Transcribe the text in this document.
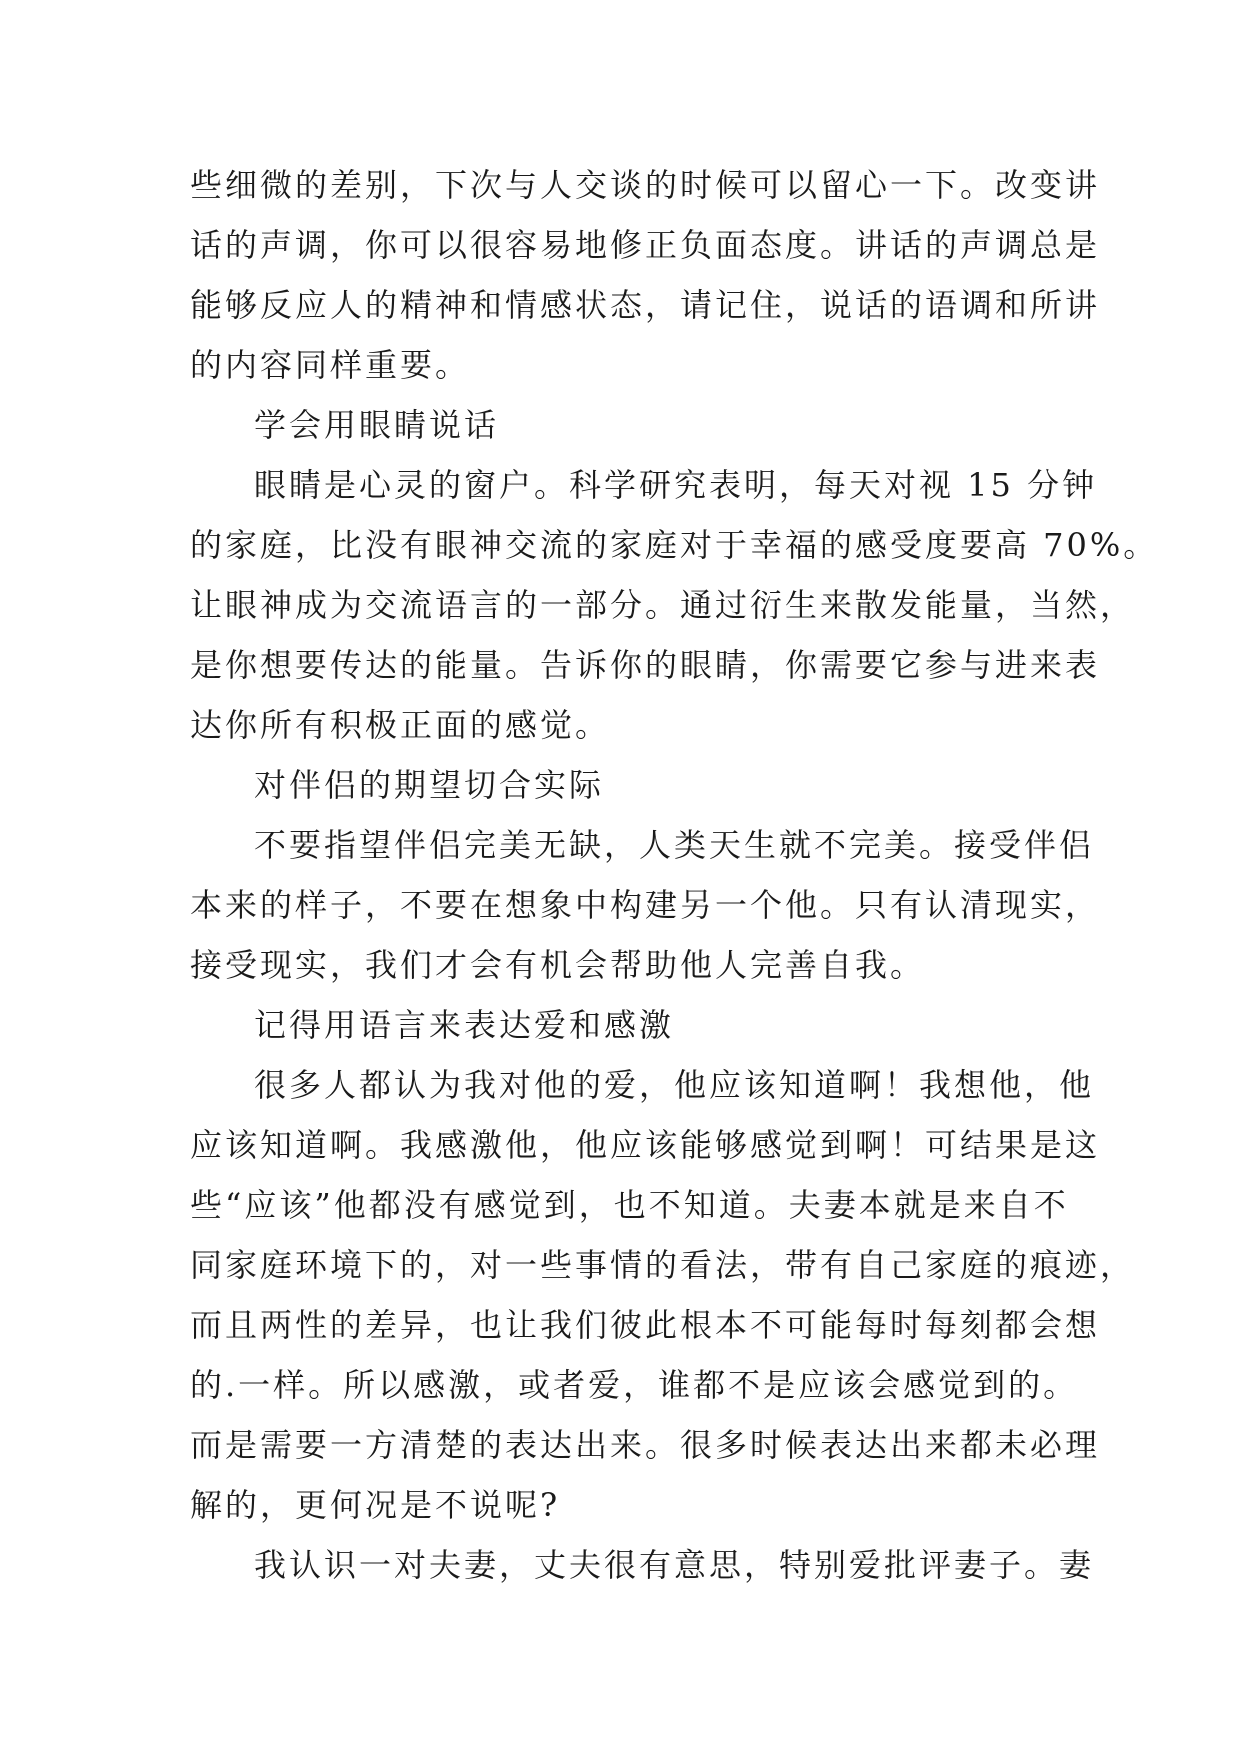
些细微的差别，下次与人交谈的时候可以留心一下。改变讲
话的声调，你可以很容易地修正负面态度。讲话的声调总是
能够反应人的精神和情感状态，请记住，说话的语调和所讲
的内容同样重要。
学会用眼睛说话
眼睛是心灵的窗户。科学研究表明，每天对视 15 分钟
的家庭，比没有眼神交流的家庭对于幸福的感受度要高 70%。
让眼神成为交流语言的一部分。通过衍生来散发能量，当然，
是你想要传达的能量。告诉你的眼睛，你需要它参与进来表
达你所有积极正面的感觉。
对伴侣的期望切合实际
不要指望伴侣完美无缺，人类天生就不完美。接受伴侣
本来的样子，不要在想象中构建另一个他。只有认清现实，
接受现实，我们才会有机会帮助他人完善自我。
记得用语言来表达爱和感激
很多人都认为我对他的爱，他应该知道啊！我想他，他
应该知道啊。我感激他，他应该能够感觉到啊！可结果是这
些“应该”他都没有感觉到，也不知道。夫妻本就是来自不
同家庭环境下的，对一些事情的看法，带有自己家庭的痕迹，
而且两性的差异，也让我们彼此根本不可能每时每刻都会想
的.一样。所以感激，或者爱，谁都不是应该会感觉到的。
而是需要一方清楚的表达出来。很多时候表达出来都未必理
解的，更何况是不说呢?
我认识一对夫妻，丈夫很有意思，特别爱批评妻子。妻
